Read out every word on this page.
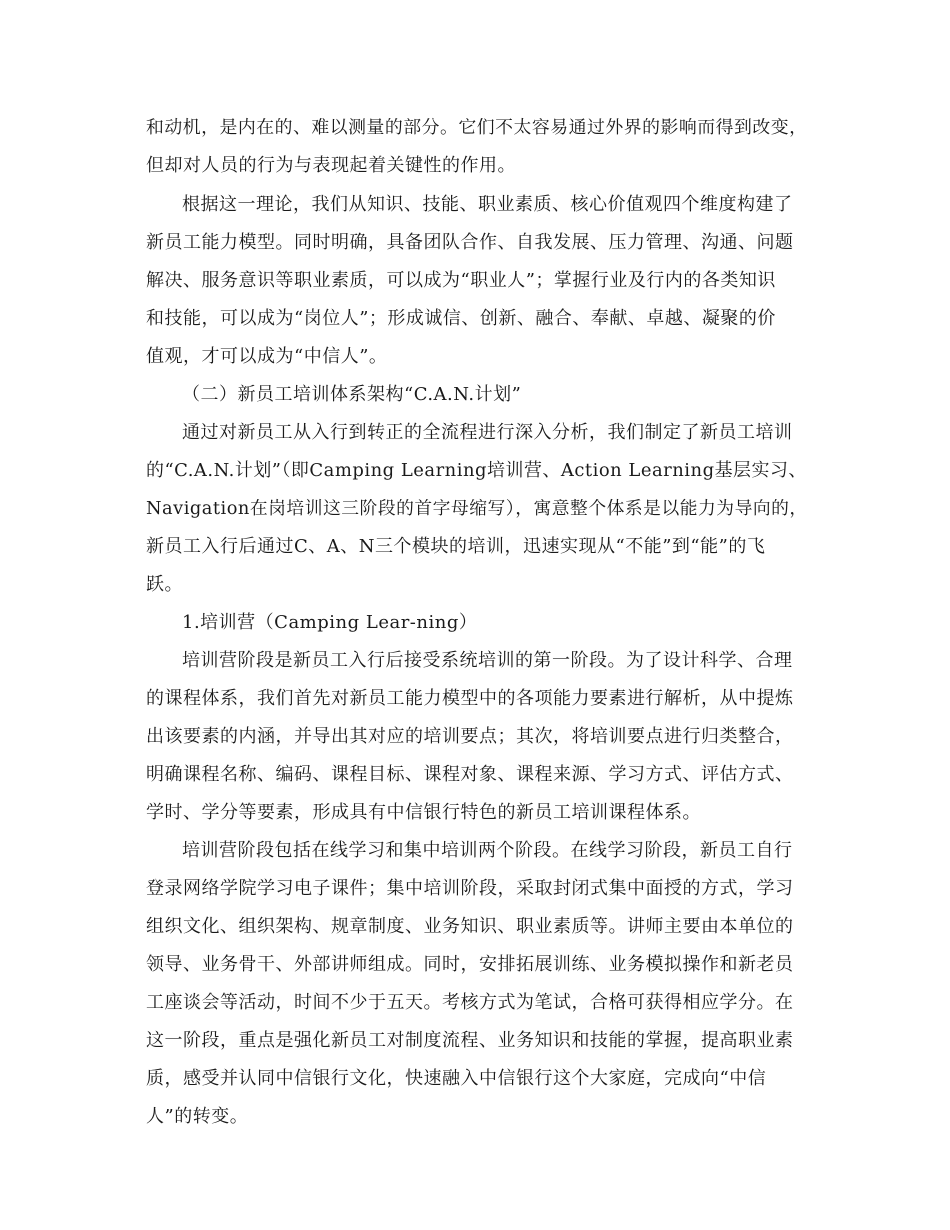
和动机，是内在的、难以测量的部分。它们不太容易通过外界的影响而得到改变，

但却对人员的行为与表现起着关键性的作用。

根据这一理论，我们从知识、技能、职业素质、核心价值观四个维度构建了

新员工能力模型。同时明确，具备团队合作、自我发展、压力管理、沟通、问题

解决、服务意识等职业素质，可以成为“职业人”；掌握行业及行内的各类知识

和技能，可以成为“岗位人”；形成诚信、创新、融合、奉献、卓越、凝聚的价

值观，才可以成为“中信人”。

（二）新员工培训体系架构“C.A.N.计划”

通过对新员工从入行到转正的全流程进行深入分析，我们制定了新员工培训

的“C.A.N.计划”（即Camping Learning培训营、Action Learning基层实习、

Navigation在岗培训这三阶段的首字母缩写），寓意整个体系是以能力为导向的，

新员工入行后通过C、A、N三个模块的培训，迅速实现从“不能”到“能”的飞

跃。

1.培训营（Camping Lear-ning）

培训营阶段是新员工入行后接受系统培训的第一阶段。为了设计科学、合理

的课程体系，我们首先对新员工能力模型中的各项能力要素进行解析，从中提炼

出该要素的内涵，并导出其对应的培训要点；其次，将培训要点进行归类整合，

明确课程名称、编码、课程目标、课程对象、课程来源、学习方式、评估方式、

学时、学分等要素，形成具有中信银行特色的新员工培训课程体系。

培训营阶段包括在线学习和集中培训两个阶段。在线学习阶段，新员工自行

登录网络学院学习电子课件；集中培训阶段，采取封闭式集中面授的方式，学习

组织文化、组织架构、规章制度、业务知识、职业素质等。讲师主要由本单位的

领导、业务骨干、外部讲师组成。同时，安排拓展训练、业务模拟操作和新老员

工座谈会等活动，时间不少于五天。考核方式为笔试，合格可获得相应学分。在

这一阶段，重点是强化新员工对制度流程、业务知识和技能的掌握，提高职业素

质，感受并认同中信银行文化，快速融入中信银行这个大家庭，完成向“中信

人”的转变。
